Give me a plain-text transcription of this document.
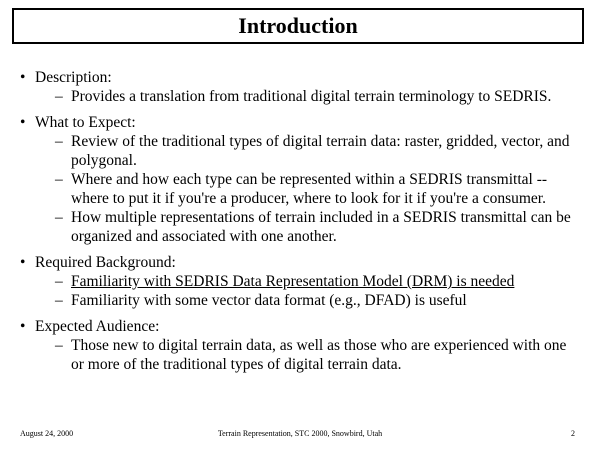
Introduction
• Description:
– Provides a translation from traditional digital terrain terminology to SEDRIS.
• What to Expect:
– Review of the traditional types of digital terrain data: raster, gridded, vector, and polygonal.
– Where and how each type can be represented within a SEDRIS transmittal -- where to put it if you're a producer, where to look for it if you're a consumer.
– How multiple representations of terrain included in a SEDRIS transmittal can be organized and associated with one another.
• Required Background:
– Familiarity with SEDRIS Data Representation Model (DRM) is needed
– Familiarity with some vector data format (e.g., DFAD) is useful
• Expected Audience:
– Those new to digital terrain data, as well as those who are experienced with one or more of the traditional types of digital terrain data.
August 24, 2000	Terrain Representation, STC 2000, Snowbird, Utah	2
